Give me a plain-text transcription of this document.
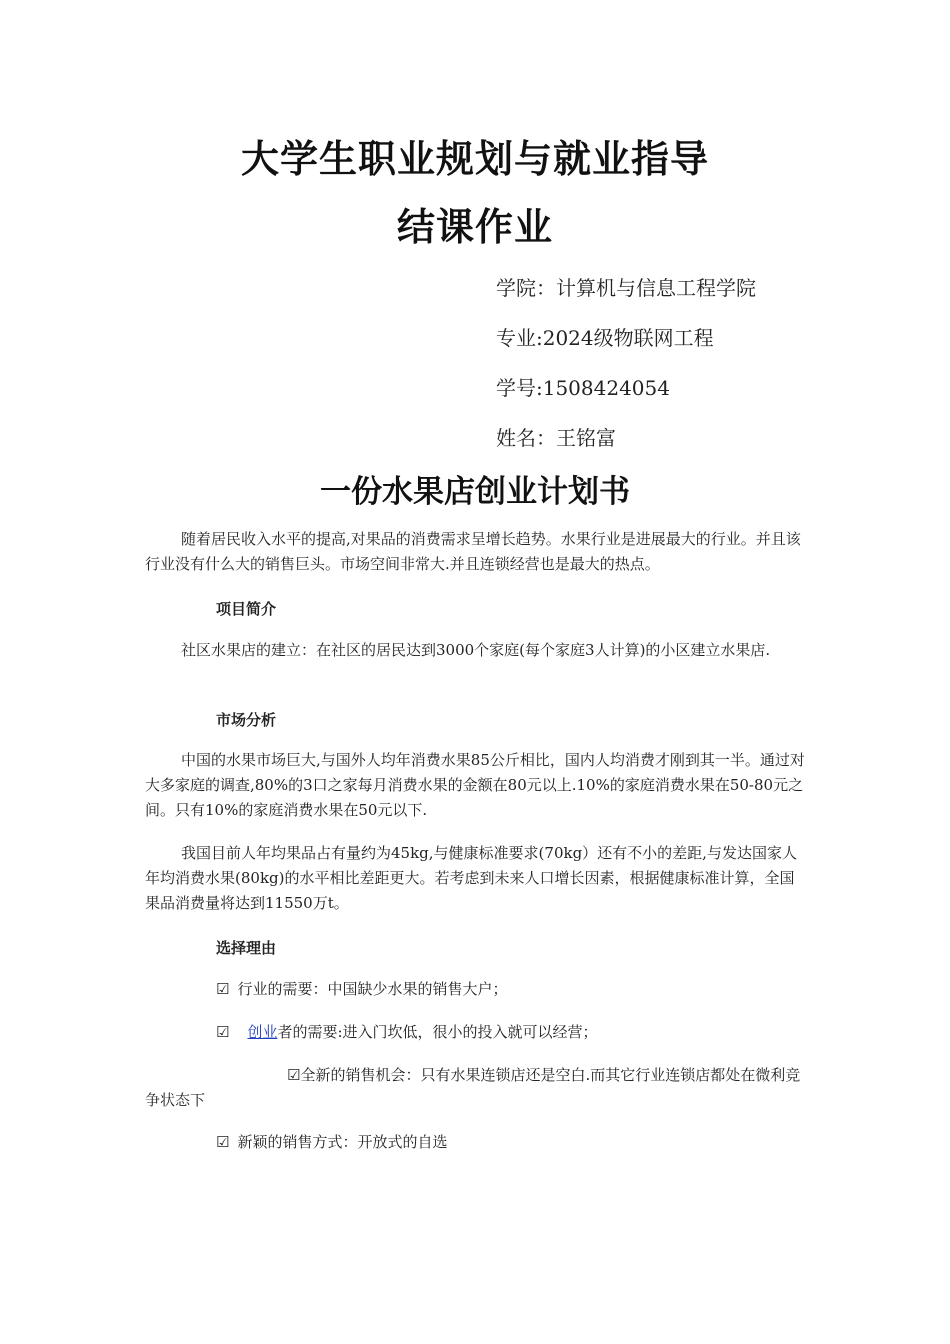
大学生职业规划与就业指导
结课作业
学院：计算机与信息工程学院
专业:2024级物联网工程
学号:1508424054
姓名：王铭富
一份水果店创业计划书
随着居民收入水平的提高,对果品的消费需求呈增长趋势。水果行业是进展最大的行业。并且该行业没有什么大的销售巨头。市场空间非常大.并且连锁经营也是最大的热点。
项目简介
社区水果店的建立：在社区的居民达到3000个家庭(每个家庭3人计算)的小区建立水果店.
市场分析
中国的水果市场巨大,与国外人均年消费水果85公斤相比，国内人均消费才刚到其一半。通过对大多家庭的调查,80%的3口之家每月消费水果的金额在80元以上.10%的家庭消费水果在50-80元之间。只有10%的家庭消费水果在50元以下.
我国目前人年均果品占有量约为45kg,与健康标准要求(70kg）还有不小的差距,与发达国家人年均消费水果(80kg)的水平相比差距更大。若考虑到未来人口增长因素，根据健康标准计算，全国果品消费量将达到11550万t。
选择理由
☑ 行业的需要：中国缺少水果的销售大户；
☑ 创业者的需要:进入门坎低，很小的投入就可以经营；
☑全新的销售机会：只有水果连锁店还是空白.而其它行业连锁店都处在微利竞争状态下
☑ 新颖的销售方式：开放式的自选
